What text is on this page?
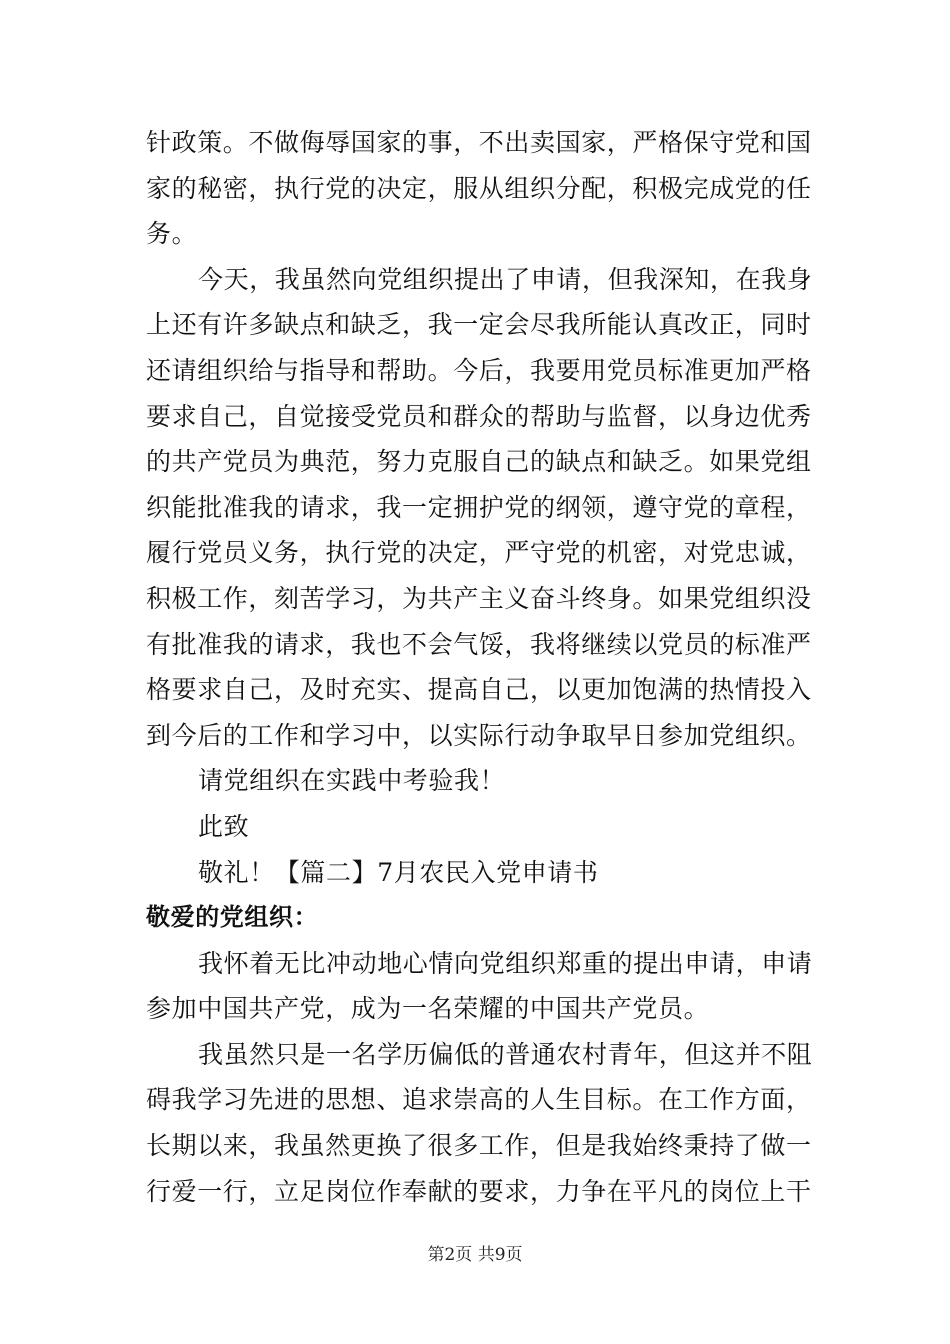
针政策。不做侮辱国家的事，不出卖国家，严格保守党和国
家的秘密，执行党的决定，服从组织分配，积极完成党的任
务。
今天，我虽然向党组织提出了申请，但我深知，在我身
上还有许多缺点和缺乏，我一定会尽我所能认真改正，同时
还请组织给与指导和帮助。今后，我要用党员标准更加严格
要求自己，自觉接受党员和群众的帮助与监督，以身边优秀
的共产党员为典范，努力克服自己的缺点和缺乏。如果党组
织能批准我的请求，我一定拥护党的纲领，遵守党的章程，
履行党员义务，执行党的决定，严守党的机密，对党忠诚，
积极工作，刻苦学习，为共产主义奋斗终身。如果党组织没
有批准我的请求，我也不会气馁，我将继续以党员的标准严
格要求自己，及时充实、提高自己，以更加饱满的热情投入
到今后的工作和学习中，以实际行动争取早日参加党组织。
请党组织在实践中考验我！
此致
敬礼！【篇二】7月农民入党申请书
敬爱的党组织：
我怀着无比冲动地心情向党组织郑重的提出申请，申请
参加中国共产党，成为一名荣耀的中国共产党员。
我虽然只是一名学历偏低的普通农村青年，但这并不阻
碍我学习先进的思想、追求崇高的人生目标。在工作方面，
长期以来，我虽然更换了很多工作，但是我始终秉持了做一
行爱一行，立足岗位作奉献的要求，力争在平凡的岗位上干
第2页 共9页
